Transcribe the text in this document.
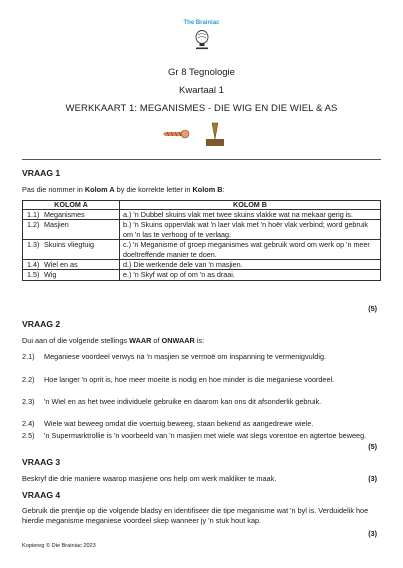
The Brainiac
Gr 8 Tegnologie
Kwartaal 1
WERKKAART 1: MEGANISMES - DIE WIG EN DIE WIEL & AS
VRAAG 1
Pas die nommer in Kolom A by die korrekte letter in Kolom B:
KOLOM A		KOLOM B
1.1)	Meganismes	a.) 'n Dubbel skuins vlak met twee skuins vlakke wat na mekaar gerig is.
1.2)	Masjien	b.) 'n Skuins oppervlak wat 'n laer vlak met 'n hoër vlak verbind; word gebruik om 'n las te verhoog of te verlaag.
1.3)	Skuins vliegtuig	c.) 'n Meganisme of groep meganismes wat gebruik word om werk op 'n meer doeltreffende manier te doen.
1.4)	Wiel en as	d.) Die werkende dele van 'n masjien.
1.5)	Wig	e.) 'n Skyf wat op of om 'n as draai.
(5)
VRAAG 2
Dui aan of die volgende stellings WAAR of ONWAAR is:
2.1) Meganiese voordeel verwys na 'n masjien se vermoë om inspanning te vermenigvuldig.
2.2) Hoe langer 'n oprit is, hoe meer moeite is nodig en hoe minder is die meganiese voordeel.
2.3) 'n Wiel en as het twee individuele gebruike en daarom kan ons dit afsonderlik gebruik.
2.4) Wiele wat beweeg omdat die voertuig beweeg, staan bekend as aangedrewe wiele.
2.5) 'n Supermarktrollie is 'n voorbeeld van 'n masjien met wiele wat slegs vorentoe en agtertoe beweeg.
(5)
VRAAG 3
Beskryf die drie maniere waarop masjiene ons help om werk makliker te maak.	(3)
VRAAG 4
Gebruik die prentjie op die volgende bladsy en identifiseer die tipe meganisme wat 'n byl is. Verduidelik hoe hierdie meganisme meganiese voordeel skep wanneer jy 'n stuk hout kap.
(3)
Kopiereg © Die Brainiac 2023
